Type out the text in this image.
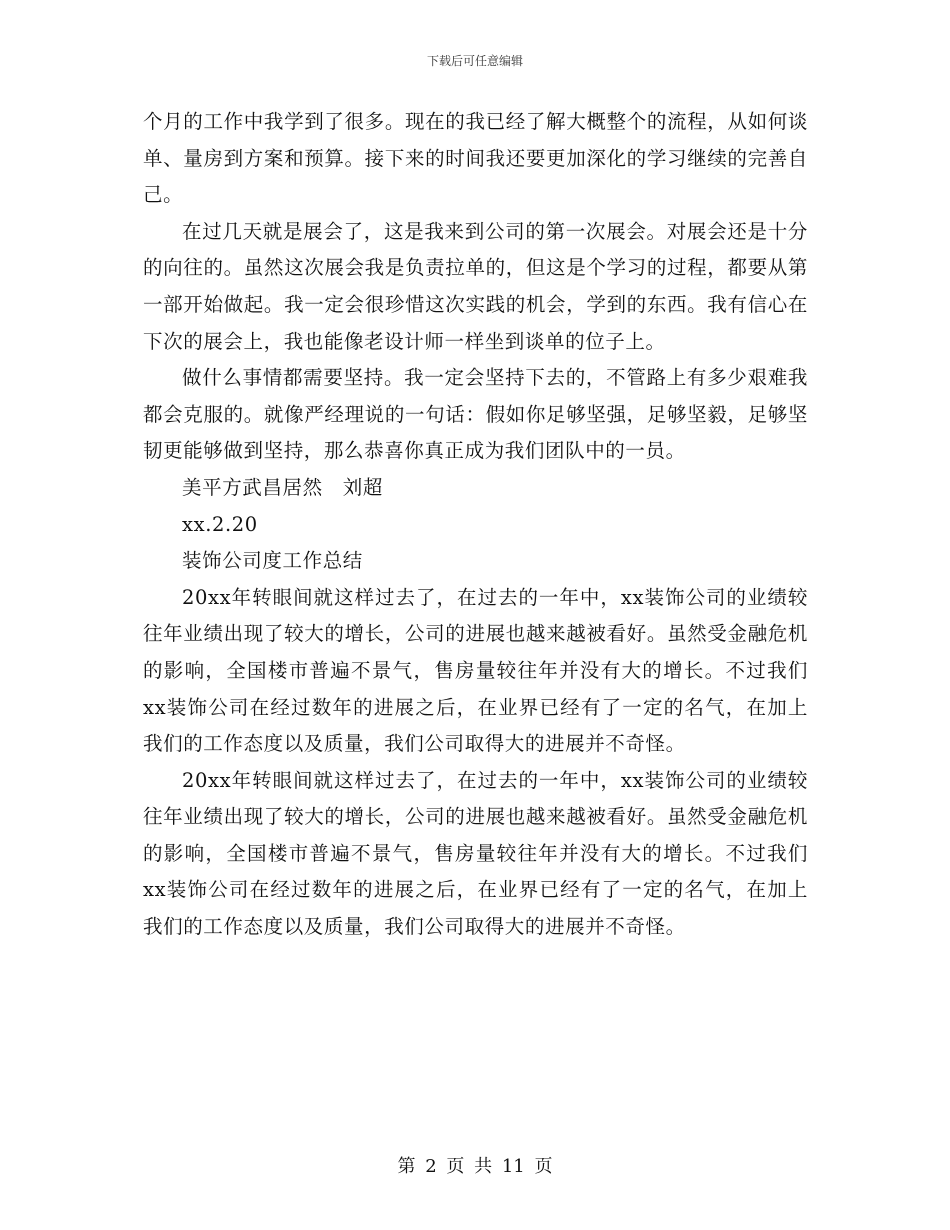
下载后可任意编辑

个月的工作中我学到了很多。现在的我已经了解大概整个的流程，从如何谈单、量房到方案和预算。接下来的时间我还要更加深化的学习继续的完善自己。

在过几天就是展会了，这是我来到公司的第一次展会。对展会还是十分的向往的。虽然这次展会我是负责拉单的，但这是个学习的过程，都要从第一部开始做起。我一定会很珍惜这次实践的机会，学到的东西。我有信心在下次的展会上，我也能像老设计师一样坐到谈单的位子上。

做什么事情都需要坚持。我一定会坚持下去的，不管路上有多少艰难我都会克服的。就像严经理说的一句话：假如你足够坚强，足够坚毅，足够坚韧更能够做到坚持，那么恭喜你真正成为我们团队中的一员。

美平方武昌居然　刘超

xx.2.20

装饰公司度工作总结

20xx年转眼间就这样过去了，在过去的一年中，xx装饰公司的业绩较往年业绩出现了较大的增长，公司的进展也越来越被看好。虽然受金融危机的影响，全国楼市普遍不景气，售房量较往年并没有大的增长。不过我们xx装饰公司在经过数年的进展之后，在业界已经有了一定的名气，在加上我们的工作态度以及质量，我们公司取得大的进展并不奇怪。

20xx年转眼间就这样过去了，在过去的一年中，xx装饰公司的业绩较往年业绩出现了较大的增长，公司的进展也越来越被看好。虽然受金融危机的影响，全国楼市普遍不景气，售房量较往年并没有大的增长。不过我们xx装饰公司在经过数年的进展之后，在业界已经有了一定的名气，在加上我们的工作态度以及质量，我们公司取得大的进展并不奇怪。

第 2 页 共 11 页
